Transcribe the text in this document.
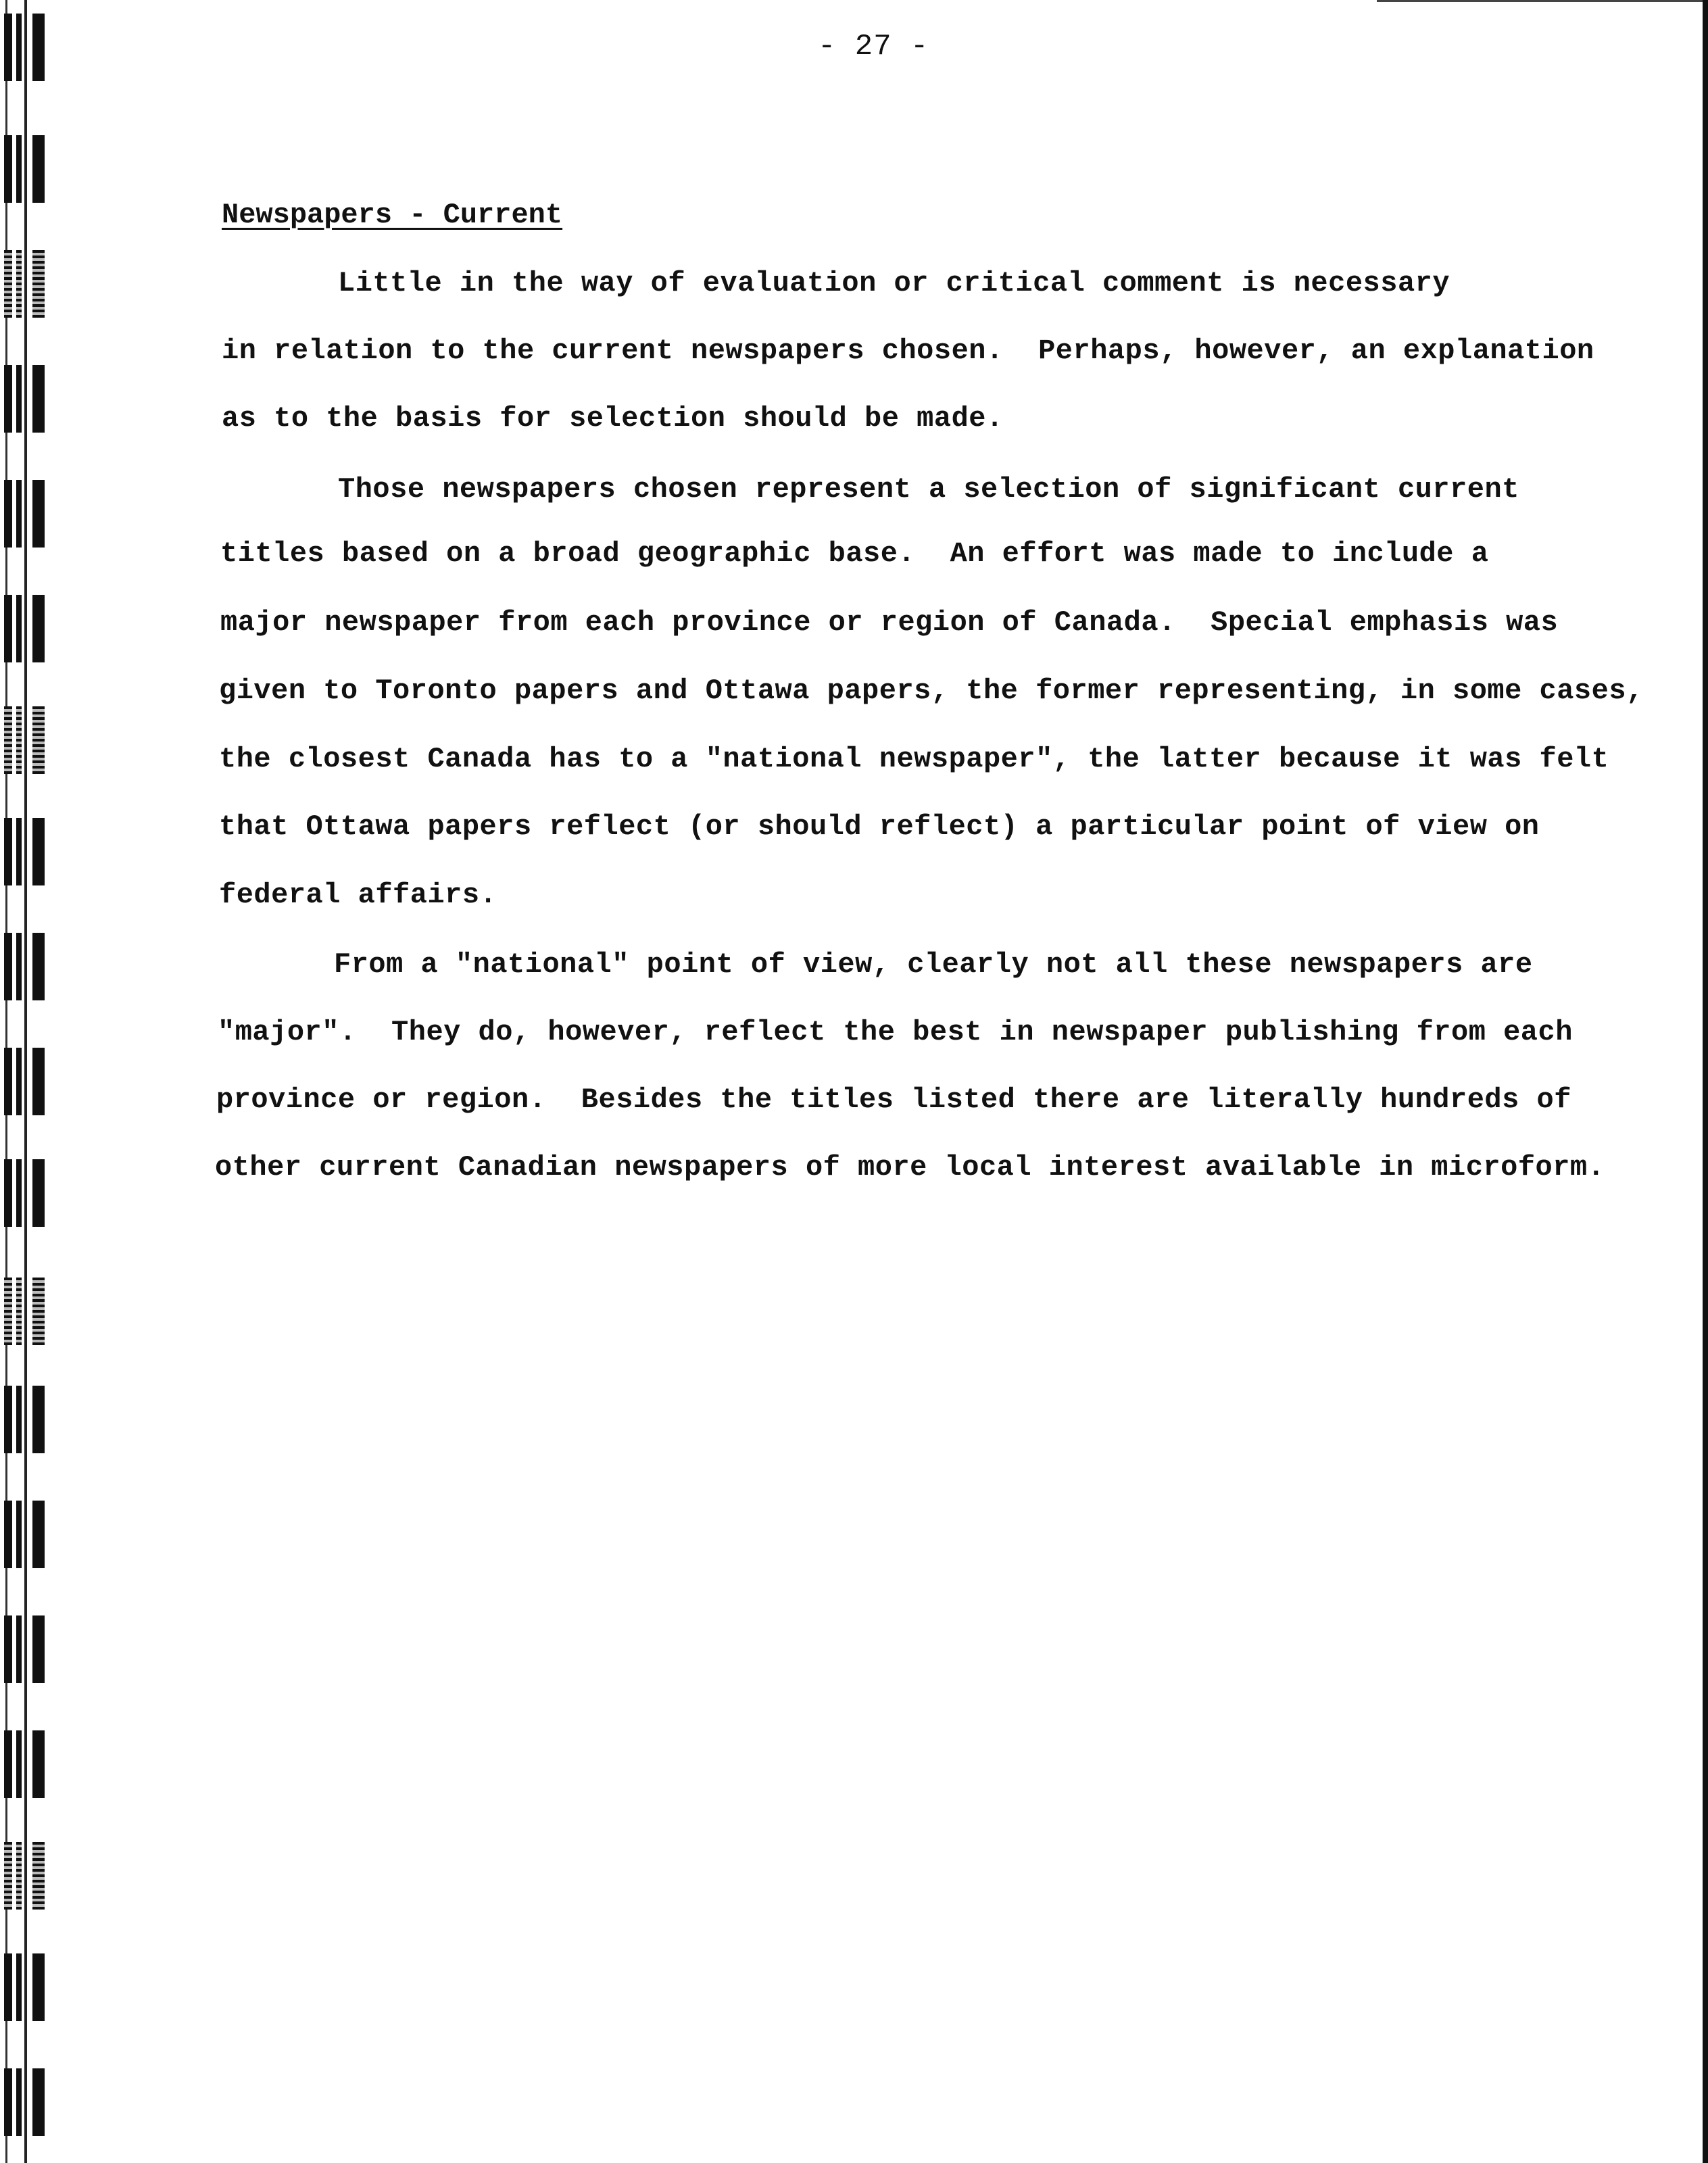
- 27 -
Newspapers - Current
Little in the way of evaluation or critical comment is necessary
in relation to the current newspapers chosen.  Perhaps, however, an explanation
as to the basis for selection should be made.
Those newspapers chosen represent a selection of significant current
titles based on a broad geographic base.  An effort was made to include a
major newspaper from each province or region of Canada.  Special emphasis was
given to Toronto papers and Ottawa papers, the former representing, in some cases,
the closest Canada has to a "national newspaper", the latter because it was felt
that Ottawa papers reflect (or should reflect) a particular point of view on
federal affairs.
From a "national" point of view, clearly not all these newspapers are
"major".  They do, however, reflect the best in newspaper publishing from each
province or region.  Besides the titles listed there are literally hundreds of
other current Canadian newspapers of more local interest available in microform.
